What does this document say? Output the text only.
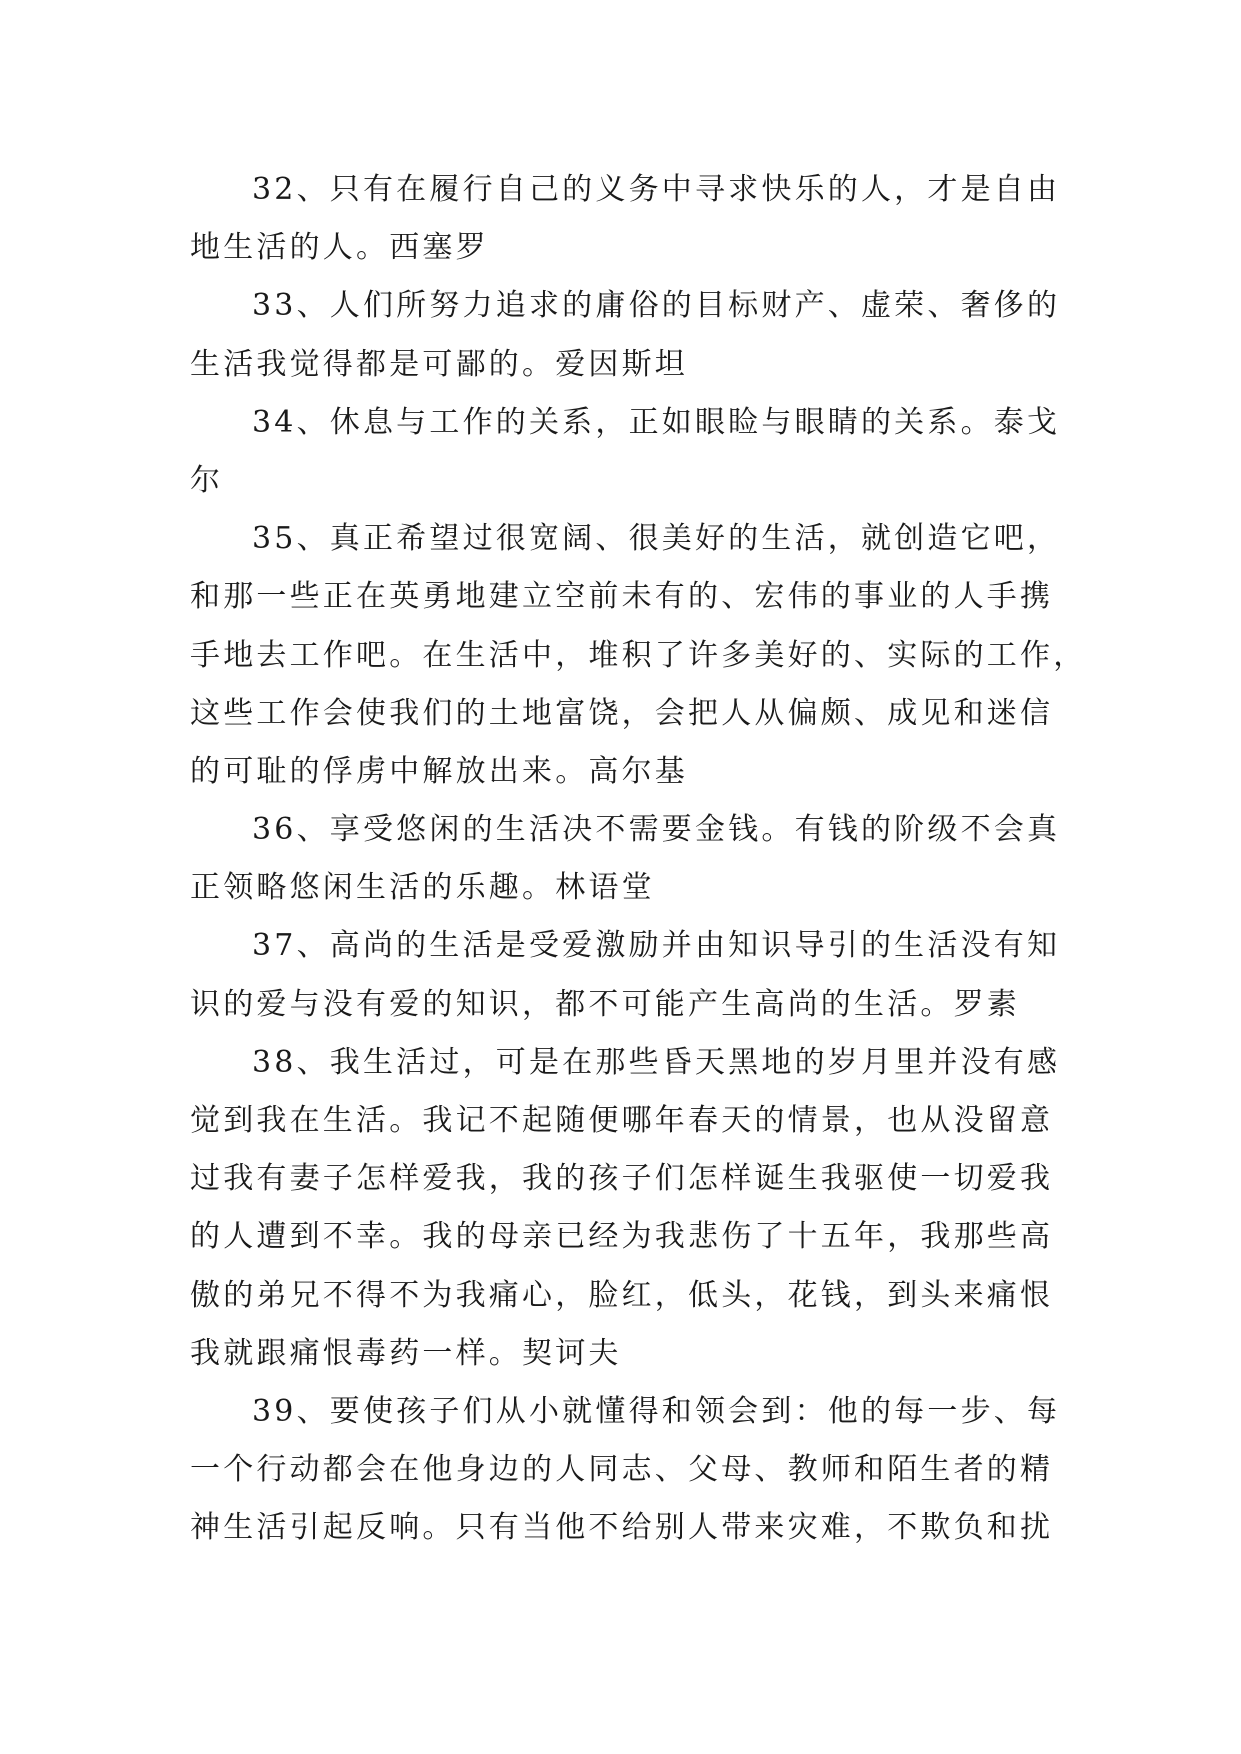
32、只有在履行自己的义务中寻求快乐的人，才是自由
地生活的人。西塞罗
33、人们所努力追求的庸俗的目标财产、虚荣、奢侈的
生活我觉得都是可鄙的。爱因斯坦
34、休息与工作的关系，正如眼睑与眼睛的关系。泰戈
尔
35、真正希望过很宽阔、很美好的生活，就创造它吧，
和那一些正在英勇地建立空前未有的、宏伟的事业的人手携
手地去工作吧。在生活中，堆积了许多美好的、实际的工作，
这些工作会使我们的土地富饶，会把人从偏颇、成见和迷信
的可耻的俘虏中解放出来。高尔基
36、享受悠闲的生活决不需要金钱。有钱的阶级不会真
正领略悠闲生活的乐趣。林语堂
37、高尚的生活是受爱激励并由知识导引的生活没有知
识的爱与没有爱的知识，都不可能产生高尚的生活。罗素
38、我生活过，可是在那些昏天黑地的岁月里并没有感
觉到我在生活。我记不起随便哪年春天的情景，也从没留意
过我有妻子怎样爱我，我的孩子们怎样诞生我驱使一切爱我
的人遭到不幸。我的母亲已经为我悲伤了十五年，我那些高
傲的弟兄不得不为我痛心，脸红，低头，花钱，到头来痛恨
我就跟痛恨毒药一样。契诃夫
39、要使孩子们从小就懂得和领会到：他的每一步、每
一个行动都会在他身边的人同志、父母、教师和陌生者的精
神生活引起反响。只有当他不给别人带来灾难，不欺负和扰
